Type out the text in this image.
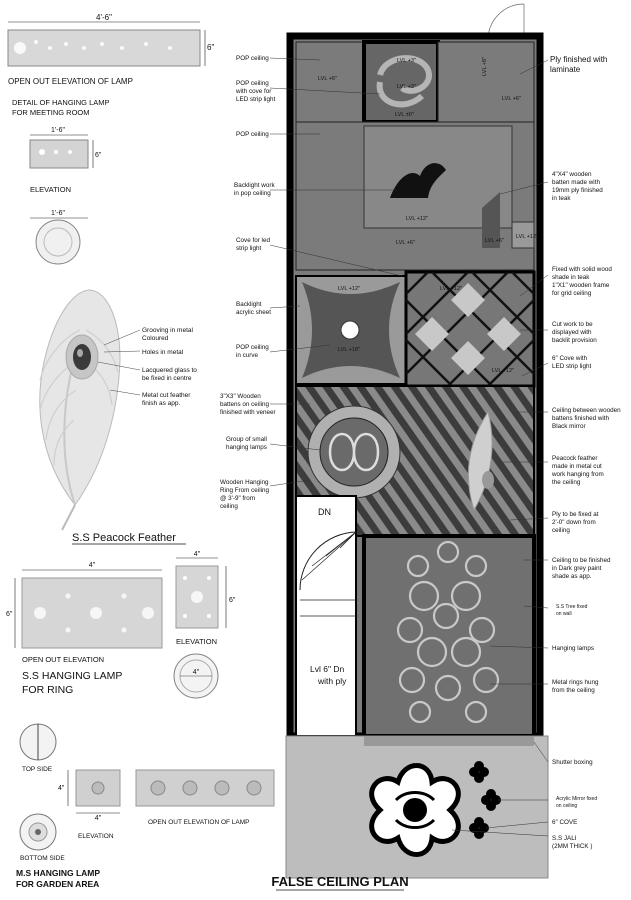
4'-6"
6"
OPEN OUT ELEVATION OF LAMP
DETAIL OF HANGING LAMP
FOR MEETING ROOM
1'-6"
6"
ELEVATION
1'-6"
Grooving in metal
Coloured
Holes in metal
Lacquered glass to
be fixed in centre
Metal cut feather
finish as app.
S.S Peacock Feather
4"
6"
4"
6"
ELEVATION
OPEN OUT ELEVATION
S.S HANGING LAMP
FOR RING
4"
TOP SIDE
4"
4"
ELEVATION
BOTTOM SIDE
OPEN OUT ELEVATION OF LAMP
M.S HANGING LAMP
FOR GARDEN AREA
LVL +3"
LVL +3"
LVL +6"
LVL +6"
LVL +8"
LVL ±0"
LVL +6"
LVL +12"
LVL +6"
LVL +12"
LVL +12"	LVL +12"
LVL +12"
LVL +18"
DN
Lvl 6" Dn
with ply
POP ceiling
POP ceiling
with cove for
LED strip light
POP ceiling
Backlight work
in pop ceiling
Cove for led
strip light
Backlight
acrylic sheet
POP ceiling
in curve
3"X3" Wooden
battens on ceiling
finished with veneer
Group of small
hanging lamps
Wooden Hanging
Ring From ceiling
@ 3'-9" from
ceiling
Ply finished with
laminate
4"X4" wooden
batten made with
19mm ply finished
in teak
Fixed with solid wood
shade in teak
1"X1" wooden frame
for grid ceiling
Cut work to be
displayed with
backlit provision
6" Cove with
LED strip light
Ceiling between wooden
battens finished with
Black mirror
Peacock feather
made in metal cut
work hanging from
the ceiling
Ply to be fixed at
2'-0" down from
ceiling
Ceiling to be finished
in Dark grey paint
shade as app.
S.S Tree fixed
on wall
Hanging lamps
Metal rings hung
from the ceiling
Shutter boxing
Acrylic Mirror fixed
on ceiling
6" COVE
S.S JALI
(2MM THICK )
FALSE CEILING PLAN
